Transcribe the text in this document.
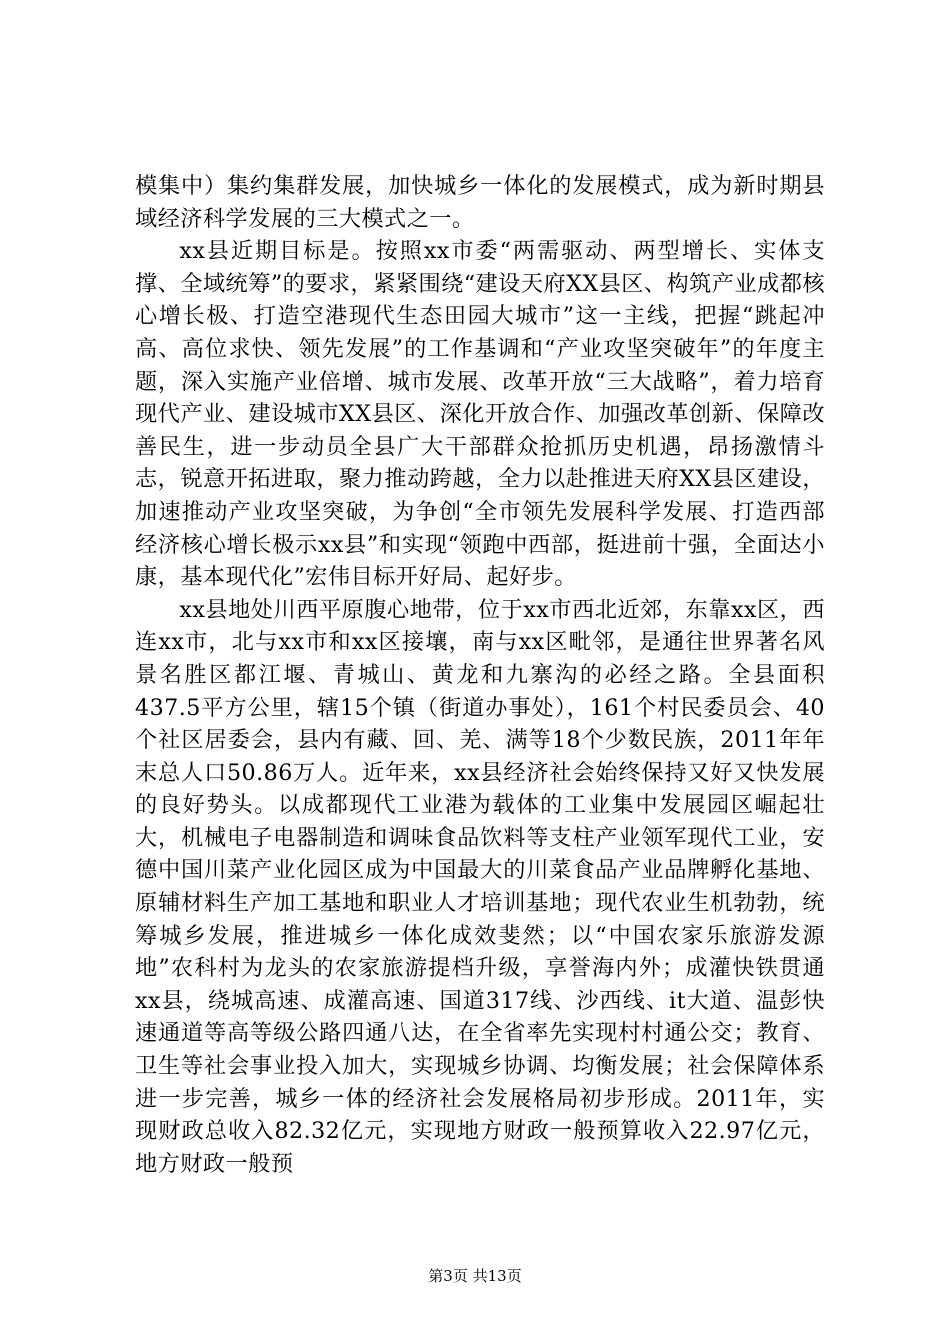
模集中）集约集群发展，加快城乡一体化的发展模式，成为新时期县域经济科学发展的三大模式之一。

xx县近期目标是。按照xx市委“两需驱动、两型增长、实体支撑、全域统筹”的要求，紧紧围绕“建设天府XX县区、构筑产业成都核心增长极、打造空港现代生态田园大城市”这一主线，把握“跳起冲高、高位求快、领先发展”的工作基调和“产业攻坚突破年”的年度主题，深入实施产业倍增、城市发展、改革开放“三大战略”，着力培育现代产业、建设城市XX县区、深化开放合作、加强改革创新、保障改善民生，进一步动员全县广大干部群众抢抓历史机遇，昂扬激情斗志，锐意开拓进取，聚力推动跨越，全力以赴推进天府XX县区建设，加速推动产业攻坚突破，为争创“全市领先发展科学发展、打造西部经济核心增长极示xx县”和实现“领跑中西部，挺进前十强，全面达小康，基本现代化”宏伟目标开好局、起好步。

xx县地处川西平原腹心地带，位于xx市西北近郊，东靠xx区，西连xx市，北与xx市和xx区接壤，南与xx区毗邻，是通往世界著名风景名胜区都江堰、青城山、黄龙和九寨沟的必经之路。全县面积437.5平方公里，辖15个镇（街道办事处），161个村民委员会、40个社区居委会，县内有藏、回、羌、满等18个少数民族，2011年年末总人口50.86万人。近年来，xx县经济社会始终保持又好又快发展的良好势头。以成都现代工业港为载体的工业集中发展园区崛起壮大，机械电子电器制造和调味食品饮料等支柱产业领军现代工业，安德中国川菜产业化园区成为中国最大的川菜食品产业品牌孵化基地、原辅材料生产加工基地和职业人才培训基地；现代农业生机勃勃，统筹城乡发展，推进城乡一体化成效斐然；以“中国农家乐旅游发源地”农科村为龙头的农家旅游提档升级，享誉海内外；成灌快铁贯通xx县，绕城高速、成灌高速、国道317线、沙西线、it大道、温彭快速通道等高等级公路四通八达，在全省率先实现村村通公交；教育、卫生等社会事业投入加大，实现城乡协调、均衡发展；社会保障体系进一步完善，城乡一体的经济社会发展格局初步形成。2011年，实现财政总收入82.32亿元，实现地方财政一般预算收入22.97亿元，地方财政一般预

第3页 共13页
